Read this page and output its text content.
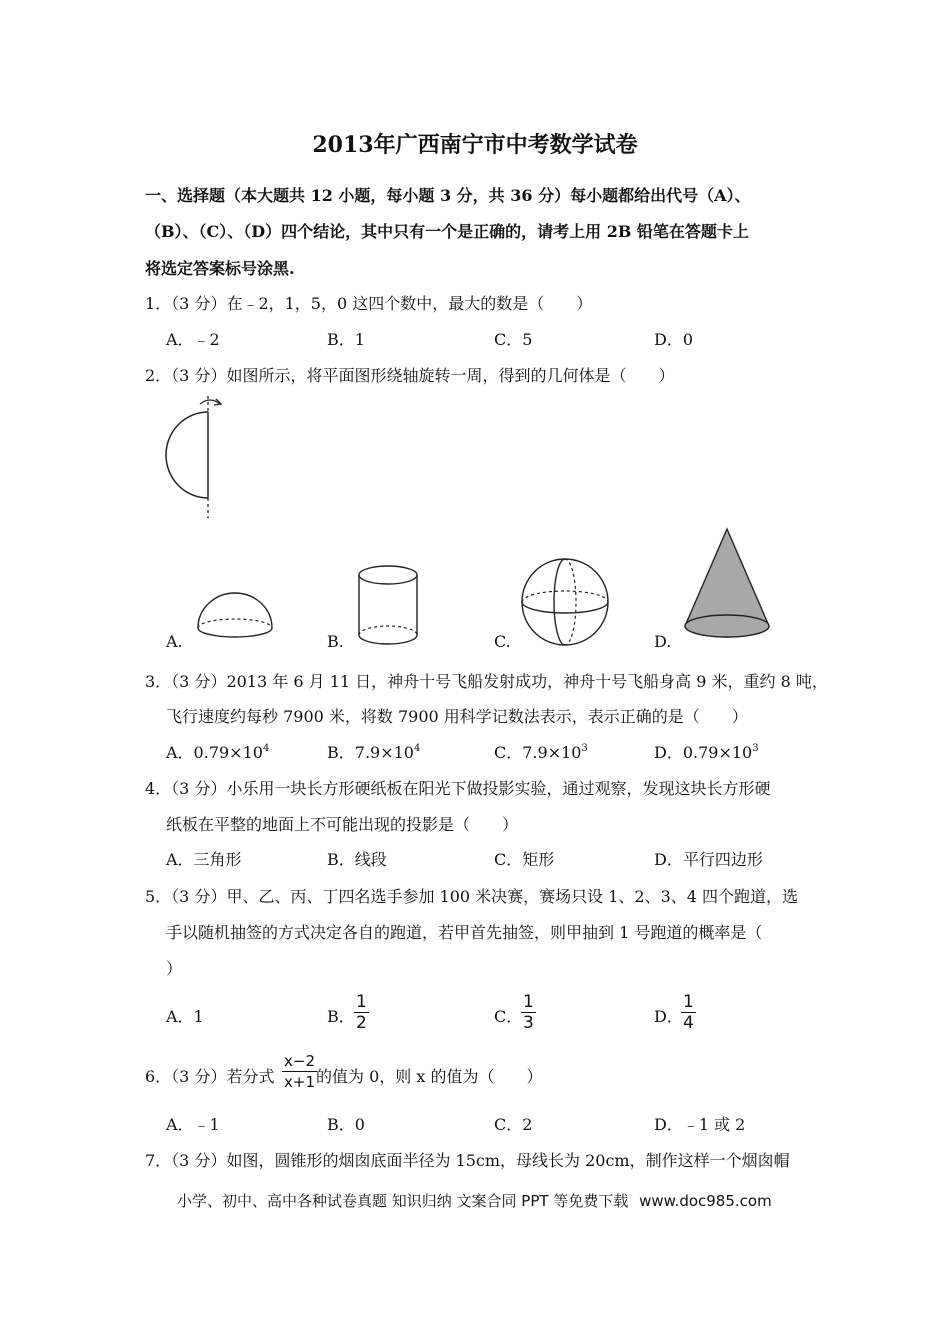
2013年广西南宁市中考数学试卷
一、选择题（本大题共 12 小题，每小题 3 分，共 36 分）每小题都给出代号（A）、
（B）、（C）、（D）四个结论，其中只有一个是正确的，请考上用 2B 铅笔在答题卡上
将选定答案标号涂黑.
1．（3 分）在﹣2，1，5，0 这四个数中，最大的数是（　　）
A．﹣2	B．1	C．5	D．0
2．（3 分）如图所示，将平面图形绕轴旋转一周，得到的几何体是（　　）
A.	B.	C.	D.
3．（3 分）2013 年 6 月 11 日，神舟十号飞船发射成功，神舟十号飞船身高 9 米，重约 8 吨，
飞行速度约每秒 7900 米，将数 7900 用科学记数法表示，表示正确的是（　　）
A．$0.79\times 10^4$	B．$7.9\times 10^4$	C．$7.9\times 10^3$	D．$0.79\times 10^3$
4．（3 分）小乐用一块长方形硬纸板在阳光下做投影实验，通过观察，发现这块长方形硬
纸板在平整的地面上不可能出现的投影是（　　）
A．三角形	B．线段	C．矩形	D．平行四边形
5．（3 分）甲、乙、丙、丁四名选手参加 100 米决赛，赛场只设 1、2、3、4 四个跑道，选
手以随机抽签的方式决定各自的跑道，若甲首先抽签，则甲抽到 1 号跑道的概率是（
）
A．1	B． $\frac{1}{2}$	C．
$\frac{1}{3}$	D．
$\frac{1}{4}$
6．（3 分）若分式 $\frac{x-2}{x+1}$ 的值为 0，则 x 的值为（　　）
A．﹣1	B．0	C．2	D．﹣1 或 2
7．（3 分）如图，圆锥形的烟囱底面半径为 15cm，母线长为 20cm，制作这样一个烟囱帽
小学、初中、高中各种试卷真题 知识归纳 文案合同 PPT 等免费下载 www.doc985.com
